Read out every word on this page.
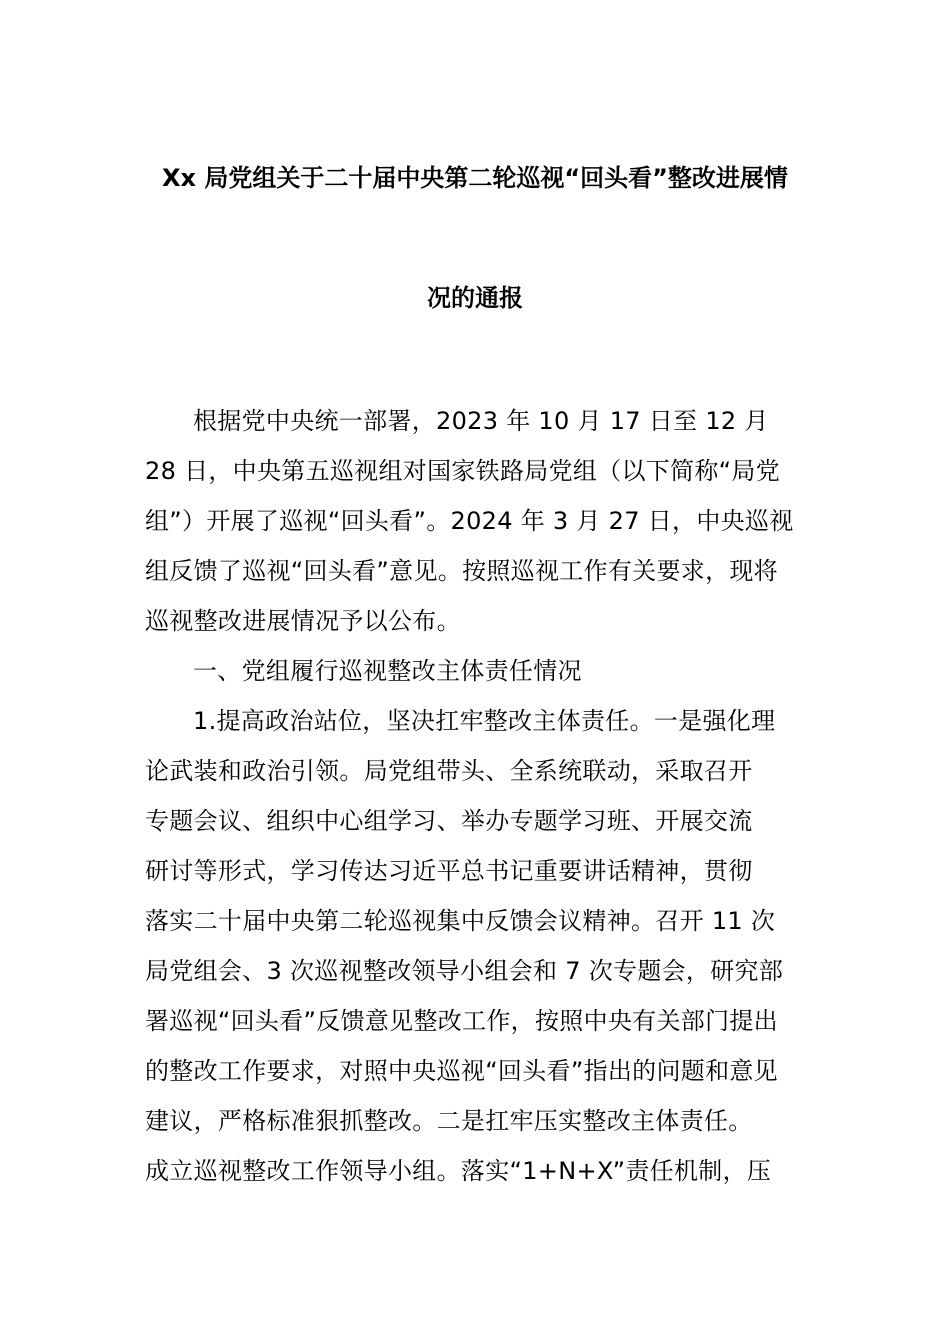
Xx 局党组关于二十届中央第二轮巡视“回头看”整改进展情
况的通报
根据党中央统一部署，2023 年 10 月 17 日至 12 月
28 日，中央第五巡视组对国家铁路局党组（以下简称“局党
组”）开展了巡视“回头看”。2024 年 3 月 27 日，中央巡视
组反馈了巡视“回头看”意见。按照巡视工作有关要求，现将
巡视整改进展情况予以公布。
一、党组履行巡视整改主体责任情况
1.提高政治站位，坚决扛牢整改主体责任。一是强化理
论武装和政治引领。局党组带头、全系统联动，采取召开
专题会议、组织中心组学习、举办专题学习班、开展交流
研讨等形式，学习传达习近平总书记重要讲话精神，贯彻
落实二十届中央第二轮巡视集中反馈会议精神。召开 11 次
局党组会、3 次巡视整改领导小组会和 7 次专题会，研究部
署巡视“回头看”反馈意见整改工作，按照中央有关部门提出
的整改工作要求，对照中央巡视“回头看”指出的问题和意见
建议，严格标准狠抓整改。二是扛牢压实整改主体责任。
成立巡视整改工作领导小组。落实“1+N+X”责任机制，压
